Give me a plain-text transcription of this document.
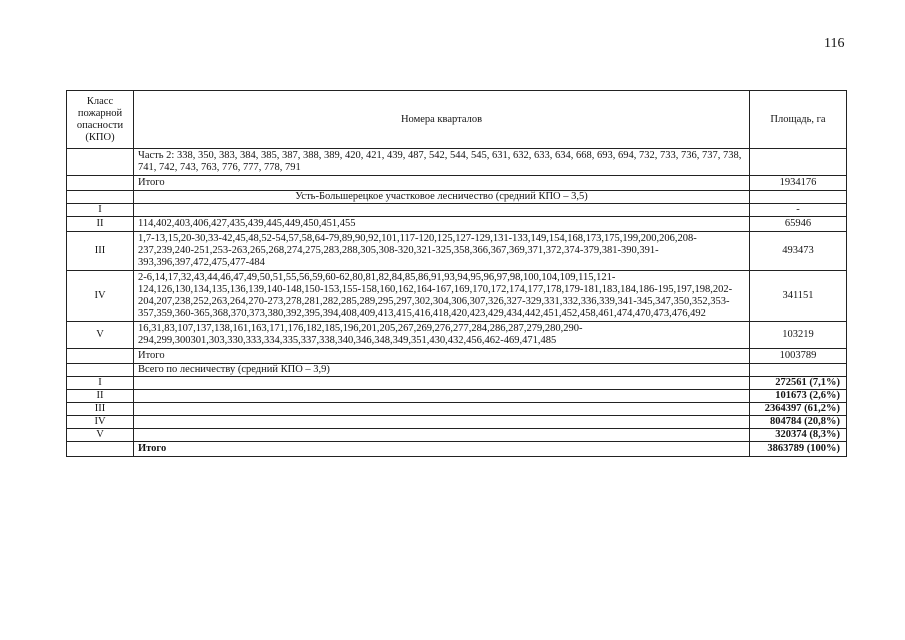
116
Класс пожарной опасности (КПО)	Номера кварталов	Площадь, га
	Часть 2: 338, 350, 383, 384, 385, 387, 388, 389, 420, 421, 439, 487, 542, 544, 545, 631, 632, 633, 634, 668, 693, 694, 732, 733, 736, 737, 738, 741, 742, 743, 763, 776, 777, 778, 791	
	Итого	1934176
	Усть-Большерецкое участковое лесничество (средний КПО – 3,5)	
I		-
II	114,402,403,406,427,435,439,445,449,450,451,455	65946
III	1,7-13,15,20-30,33-42,45,48,52-54,57,58,64-79,89,90,92,101,117-120,125,127-129,131-133,149,154,168,173,175,199,200,206,208-237,239,240-251,253-263,265,268,274,275,283,288,305,308-320,321-325,358,366,367,369,371,372,374-379,381-390,391-393,396,397,472,475,477-484	493473
IV	2-6,14,17,32,43,44,46,47,49,50,51,55,56,59,60-62,80,81,82,84,85,86,91,93,94,95,96,97,98,100,104,109,115,121-124,126,130,134,135,136,139,140-148,150-153,155-158,160,162,164-167,169,170,172,174,177,178,179-181,183,184,186-195,197,198,202-204,207,238,252,263,264,270-273,278,281,282,285,289,295,297,302,304,306,307,326,327-329,331,332,336,339,341-345,347,350,352,353-357,359,360-365,368,370,373,380,392,395,394,408,409,413,415,416,418,420,423,429,434,442,451,452,458,461,474,470,473,476,492	341151
V	16,31,83,107,137,138,161,163,171,176,182,185,196,201,205,267,269,276,277,284,286,287,279,280,290-294,299,300301,303,330,333,334,335,337,338,340,346,348,349,351,430,432,456,462-469,471,485	103219
	Итого	1003789
	Всего по лесничеству (средний КПО – 3,9)	
I		272561 (7,1%)
II		101673 (2,6%)
III		2364397 (61,2%)
IV		804784 (20,8%)
V		320374 (8,3%)
	Итого	3863789 (100%)
